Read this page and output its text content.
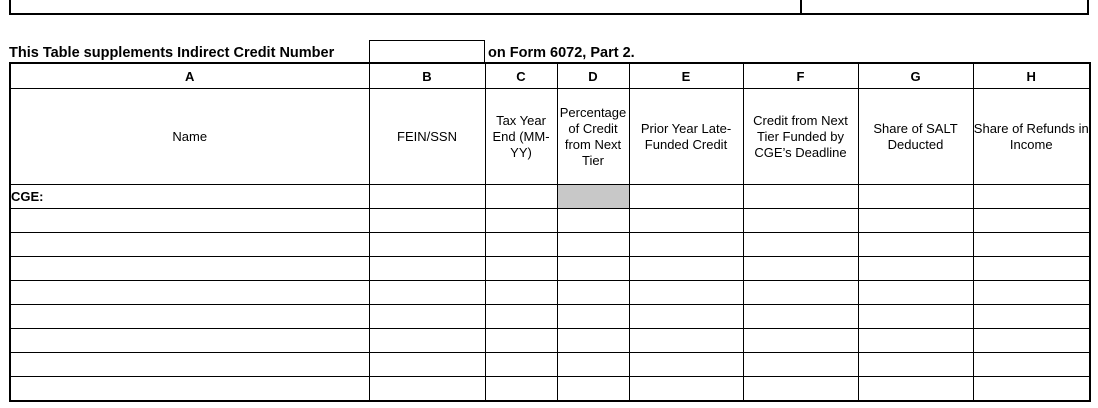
This Table supplements Indirect Credit Number	on Form 6072, Part 2.
A	B	C	D	E	F	G	H
Name	FEIN/SSN	Tax Year End (MM-YY)	Percentage of Credit from Next Tier	Prior Year Late-Funded Credit	Credit from Next Tier Funded by CGE’s Deadline	Share of SALT Deducted	Share of Refunds in Income
CGE:							
